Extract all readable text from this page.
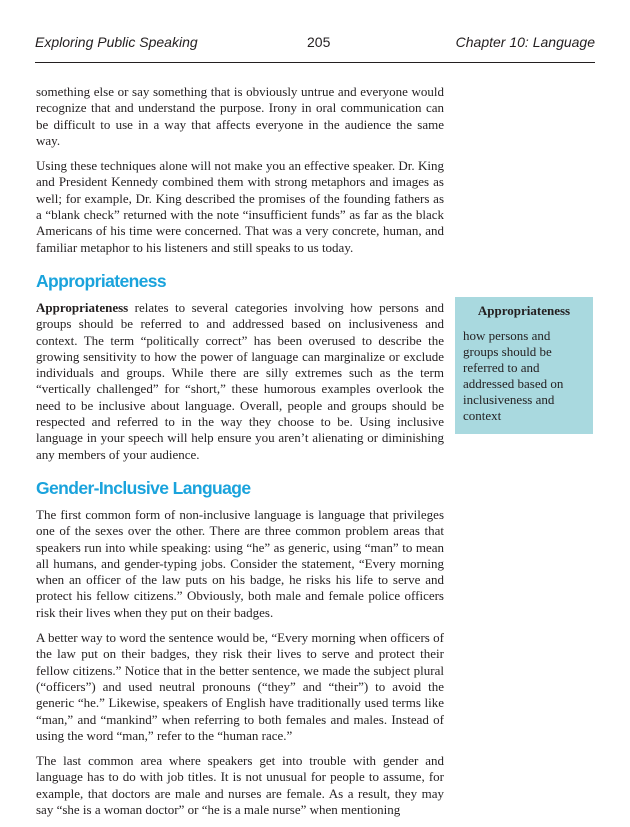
Exploring Public Speaking	205	Chapter 10: Language

something else or say something that is obviously untrue and everyone would recognize that and understand the purpose. Irony in oral communication can be difficult to use in a way that affects everyone in the audience the same way.

Using these techniques alone will not make you an effective speaker. Dr. King and President Kennedy combined them with strong metaphors and images as well; for example, Dr. King described the promises of the founding fathers as a “blank check” returned with the note “insufficient funds” as far as the black Americans of his time were concerned. That was a very concrete, human, and familiar metaphor to his listeners and still speaks to us today.

Appropriateness

Appropriateness relates to several categories involving how persons and groups should be referred to and addressed based on inclusiveness and context. The term “politically correct” has been overused to describe the growing sensitivity to how the power of language can marginalize or exclude individuals and groups. While there are silly extremes such as the term “vertically challenged” for “short,” these humorous examples overlook the need to be inclusive about language. Overall, people and groups should be respected and referred to in the way they choose to be. Using inclusive language in your speech will help ensure you aren’t alienating or diminishing any members of your audience.

Gender-Inclusive Language

The first common form of non-inclusive language is language that privileges one of the sexes over the other. There are three common problem areas that speakers run into while speaking: using “he” as generic, using “man” to mean all humans, and gender-typing jobs. Consider the statement, “Every morning when an officer of the law puts on his badge, he risks his life to serve and protect his fellow citizens.” Obviously, both male and female police officers risk their lives when they put on their badges.

A better way to word the sentence would be, “Every morning when officers of the law put on their badges, they risk their lives to serve and protect their fellow citizens.” Notice that in the better sentence, we made the subject plural (“officers”) and used neutral pronouns (“they” and “their”) to avoid the generic “he.” Likewise, speakers of English have traditionally used terms like “man,” and “mankind” when referring to both females and males. Instead of using the word “man,” refer to the “human race.”

The last common area where speakers get into trouble with gender and language has to do with job titles. It is not unusual for people to assume, for example, that doctors are male and nurses are female. As a result, they may say “she is a woman doctor” or “he is a male nurse” when mentioning

Appropriateness
how persons and groups should be referred to and addressed based on inclusiveness and context
